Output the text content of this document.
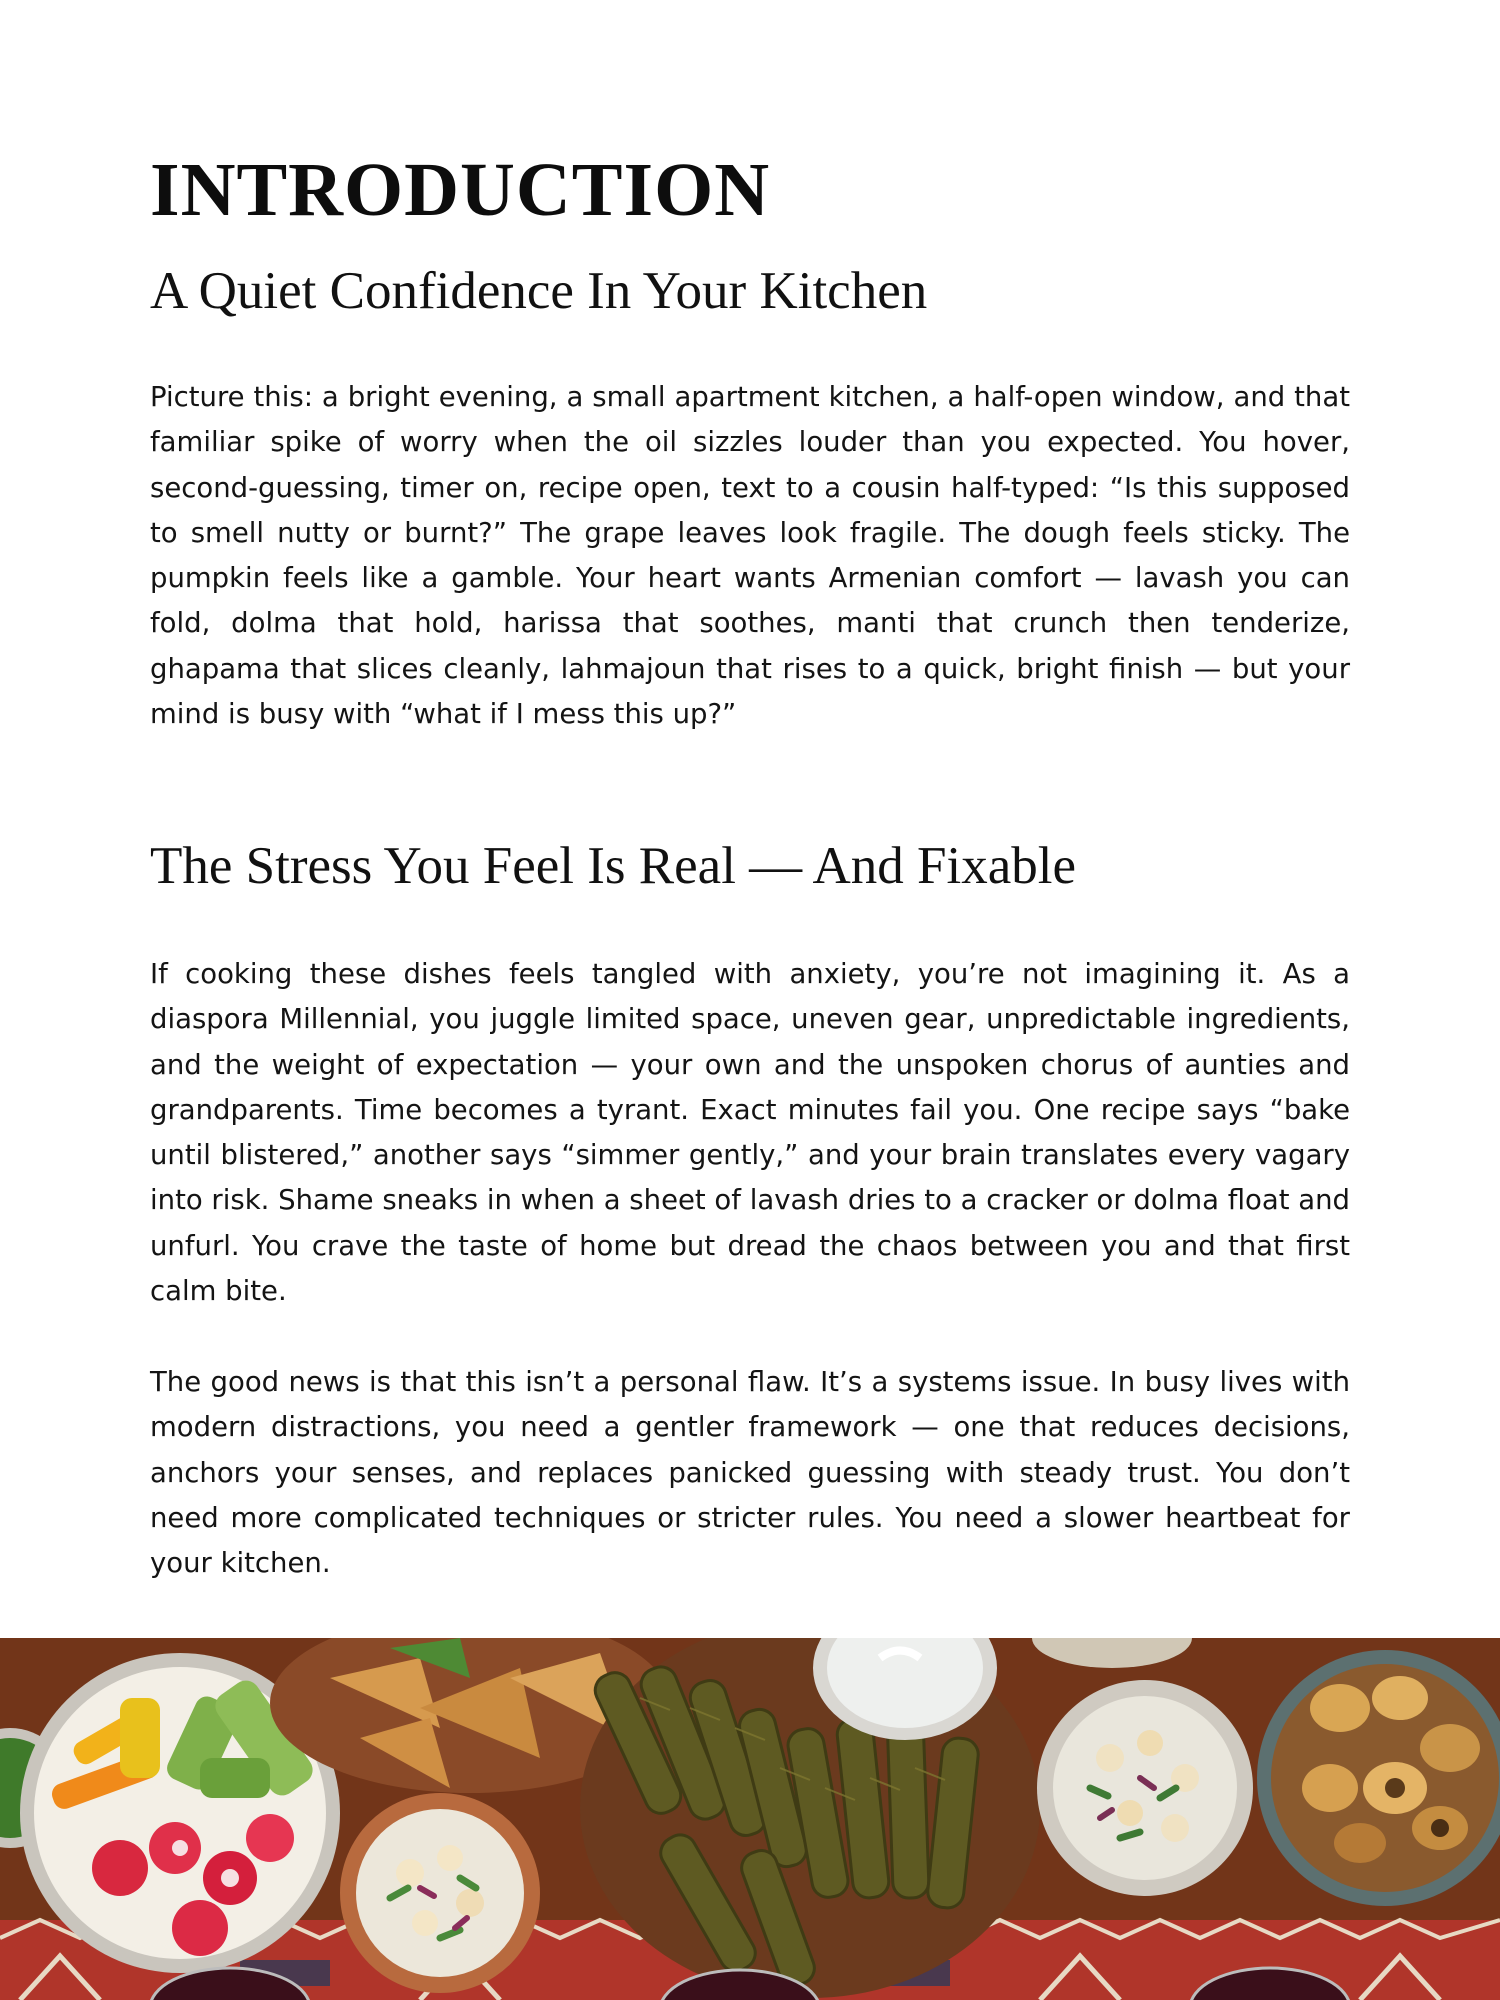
INTRODUCTION
A Quiet Confidence In Your Kitchen

Picture this: a bright evening, a small apartment kitchen, a half-open window, and that familiar spike of worry when the oil sizzles louder than you expected. You hover, second-guessing, timer on, recipe open, text to a cousin half-typed: “Is this supposed to smell nutty or burnt?” The grape leaves look fragile. The dough feels sticky. The pumpkin feels like a gamble. Your heart wants Armenian comfort — lavash you can fold, dolma that hold, harissa that soothes, manti that crunch then tenderize, ghapama that slices cleanly, lahmajoun that rises to a quick, bright finish — but your mind is busy with “what if I mess this up?”

The Stress You Feel Is Real — And Fixable

If cooking these dishes feels tangled with anxiety, you’re not imagining it. As a diaspora Millennial, you juggle limited space, uneven gear, unpredictable ingredients, and the weight of expectation — your own and the unspoken chorus of aunties and grandparents. Time becomes a tyrant. Exact minutes fail you. One recipe says “bake until blistered,” another says “simmer gently,” and your brain translates every vagary into risk. Shame sneaks in when a sheet of lavash dries to a cracker or dolma float and unfurl. You crave the taste of home but dread the chaos between you and that first calm bite.

The good news is that this isn’t a personal flaw. It’s a systems issue. In busy lives with modern distractions, you need a gentler framework — one that reduces decisions, anchors your senses, and replaces panicked guessing with steady trust. You don’t need more complicated techniques or stricter rules. You need a slower heartbeat for your kitchen.
